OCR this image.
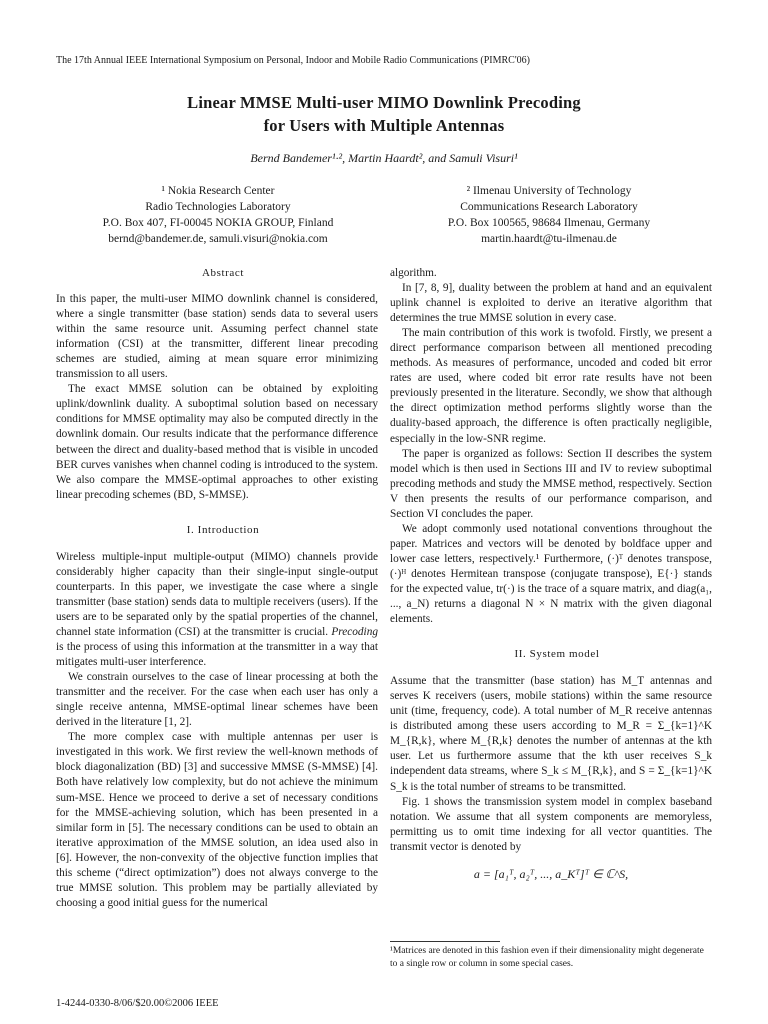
The 17th Annual IEEE International Symposium on Personal, Indoor and Mobile Radio Communications (PIMRC'06)
Linear MMSE Multi-user MIMO Downlink Precoding
for Users with Multiple Antennas
Bernd Bandemer¹·², Martin Haardt², and Samuli Visuri¹
¹ Nokia Research Center
Radio Technologies Laboratory
P.O. Box 407, FI-00045 NOKIA GROUP, Finland
bernd@bandemer.de, samuli.visuri@nokia.com
² Ilmenau University of Technology
Communications Research Laboratory
P.O. Box 100565, 98684 Ilmenau, Germany
martin.haardt@tu-ilmenau.de

Abstract

In this paper, the multi-user MIMO downlink channel is considered, where a single transmitter (base station) sends data to several users within the same resource unit. Assuming perfect channel state information (CSI) at the transmitter, different linear precoding schemes are studied, aiming at mean square error minimizing transmission to all users.

The exact MMSE solution can be obtained by exploiting uplink/downlink duality. A suboptimal solution based on necessary conditions for MMSE optimality may also be computed directly in the downlink domain. Our results indicate that the performance difference between the direct and duality-based method that is visible in uncoded BER curves vanishes when channel coding is introduced to the system. We also compare the MMSE-optimal approaches to other existing linear precoding schemes (BD, S-MMSE).

I. Introduction

Wireless multiple-input multiple-output (MIMO) channels provide considerably higher capacity than their single-input single-output counterparts. In this paper, we investigate the case where a single transmitter (base station) sends data to multiple receivers (users). If the users are to be separated only by the spatial properties of the channel, channel state information (CSI) at the transmitter is crucial. Precoding is the process of using this information at the transmitter in a way that mitigates multi-user interference.

We constrain ourselves to the case of linear processing at both the transmitter and the receiver. For the case when each user has only a single receive antenna, MMSE-optimal linear schemes have been derived in the literature [1, 2].

The more complex case with multiple antennas per user is investigated in this work. We first review the well-known methods of block diagonalization (BD) [3] and successive MMSE (S-MMSE) [4]. Both have relatively low complexity, but do not achieve the minimum sum-MSE. Hence we proceed to derive a set of necessary conditions for the MMSE-achieving solution, which has been presented in a similar form in [5]. The necessary conditions can be used to obtain an iterative approximation of the MMSE solution, an idea used also in [6]. However, the non-convexity of the objective function implies that this scheme (“direct optimization”) does not always converge to the true MMSE solution. This problem may be partially alleviated by choosing a good initial guess for the numerical

algorithm.

In [7, 8, 9], duality between the problem at hand and an equivalent uplink channel is exploited to derive an iterative algorithm that determines the true MMSE solution in every case.

The main contribution of this work is twofold. Firstly, we present a direct performance comparison between all mentioned precoding methods. As measures of performance, uncoded and coded bit error rates are used, where coded bit error rate results have not been previously presented in the literature. Secondly, we show that although the direct optimization method performs slightly worse than the duality-based approach, the difference is often practically negligible, especially in the low-SNR regime.

The paper is organized as follows: Section II describes the system model which is then used in Sections III and IV to review suboptimal precoding methods and study the MMSE method, respectively. Section V then presents the results of our performance comparison, and Section VI concludes the paper.

We adopt commonly used notational conventions throughout the paper. Matrices and vectors will be denoted by boldface upper and lower case letters, respectively.¹ Furthermore, (·)ᵀ denotes transpose, (·)ᴴ denotes Hermitean transpose (conjugate transpose), E{·} stands for the expected value, tr(·) is the trace of a square matrix, and diag(a₁, ..., a_N) returns a diagonal N × N matrix with the given diagonal elements.

II. System model

Assume that the transmitter (base station) has M_T antennas and serves K receivers (users, mobile stations) within the same resource unit (time, frequency, code). A total number of M_R receive antennas is distributed among these users according to M_R = Σ_{k=1}^K M_{R,k}, where M_{R,k} denotes the number of antennas at the kth user. Let us furthermore assume that the kth user receives S_k independent data streams, where S_k ≤ M_{R,k}, and S = Σ_{k=1}^K S_k is the total number of streams to be transmitted.

Fig. 1 shows the transmission system model in complex baseband notation. We assume that all system components are memoryless, permitting us to omit time indexing for all vector quantities. The transmit vector is denoted by

a = [a₁ᵀ, a₂ᵀ, ..., a_Kᵀ]ᵀ ∈ ℂ^S,
¹Matrices are denoted in this fashion even if their dimensionality might degenerate to a single row or column in some special cases.
1-4244-0330-8/06/$20.00©2006 IEEE
